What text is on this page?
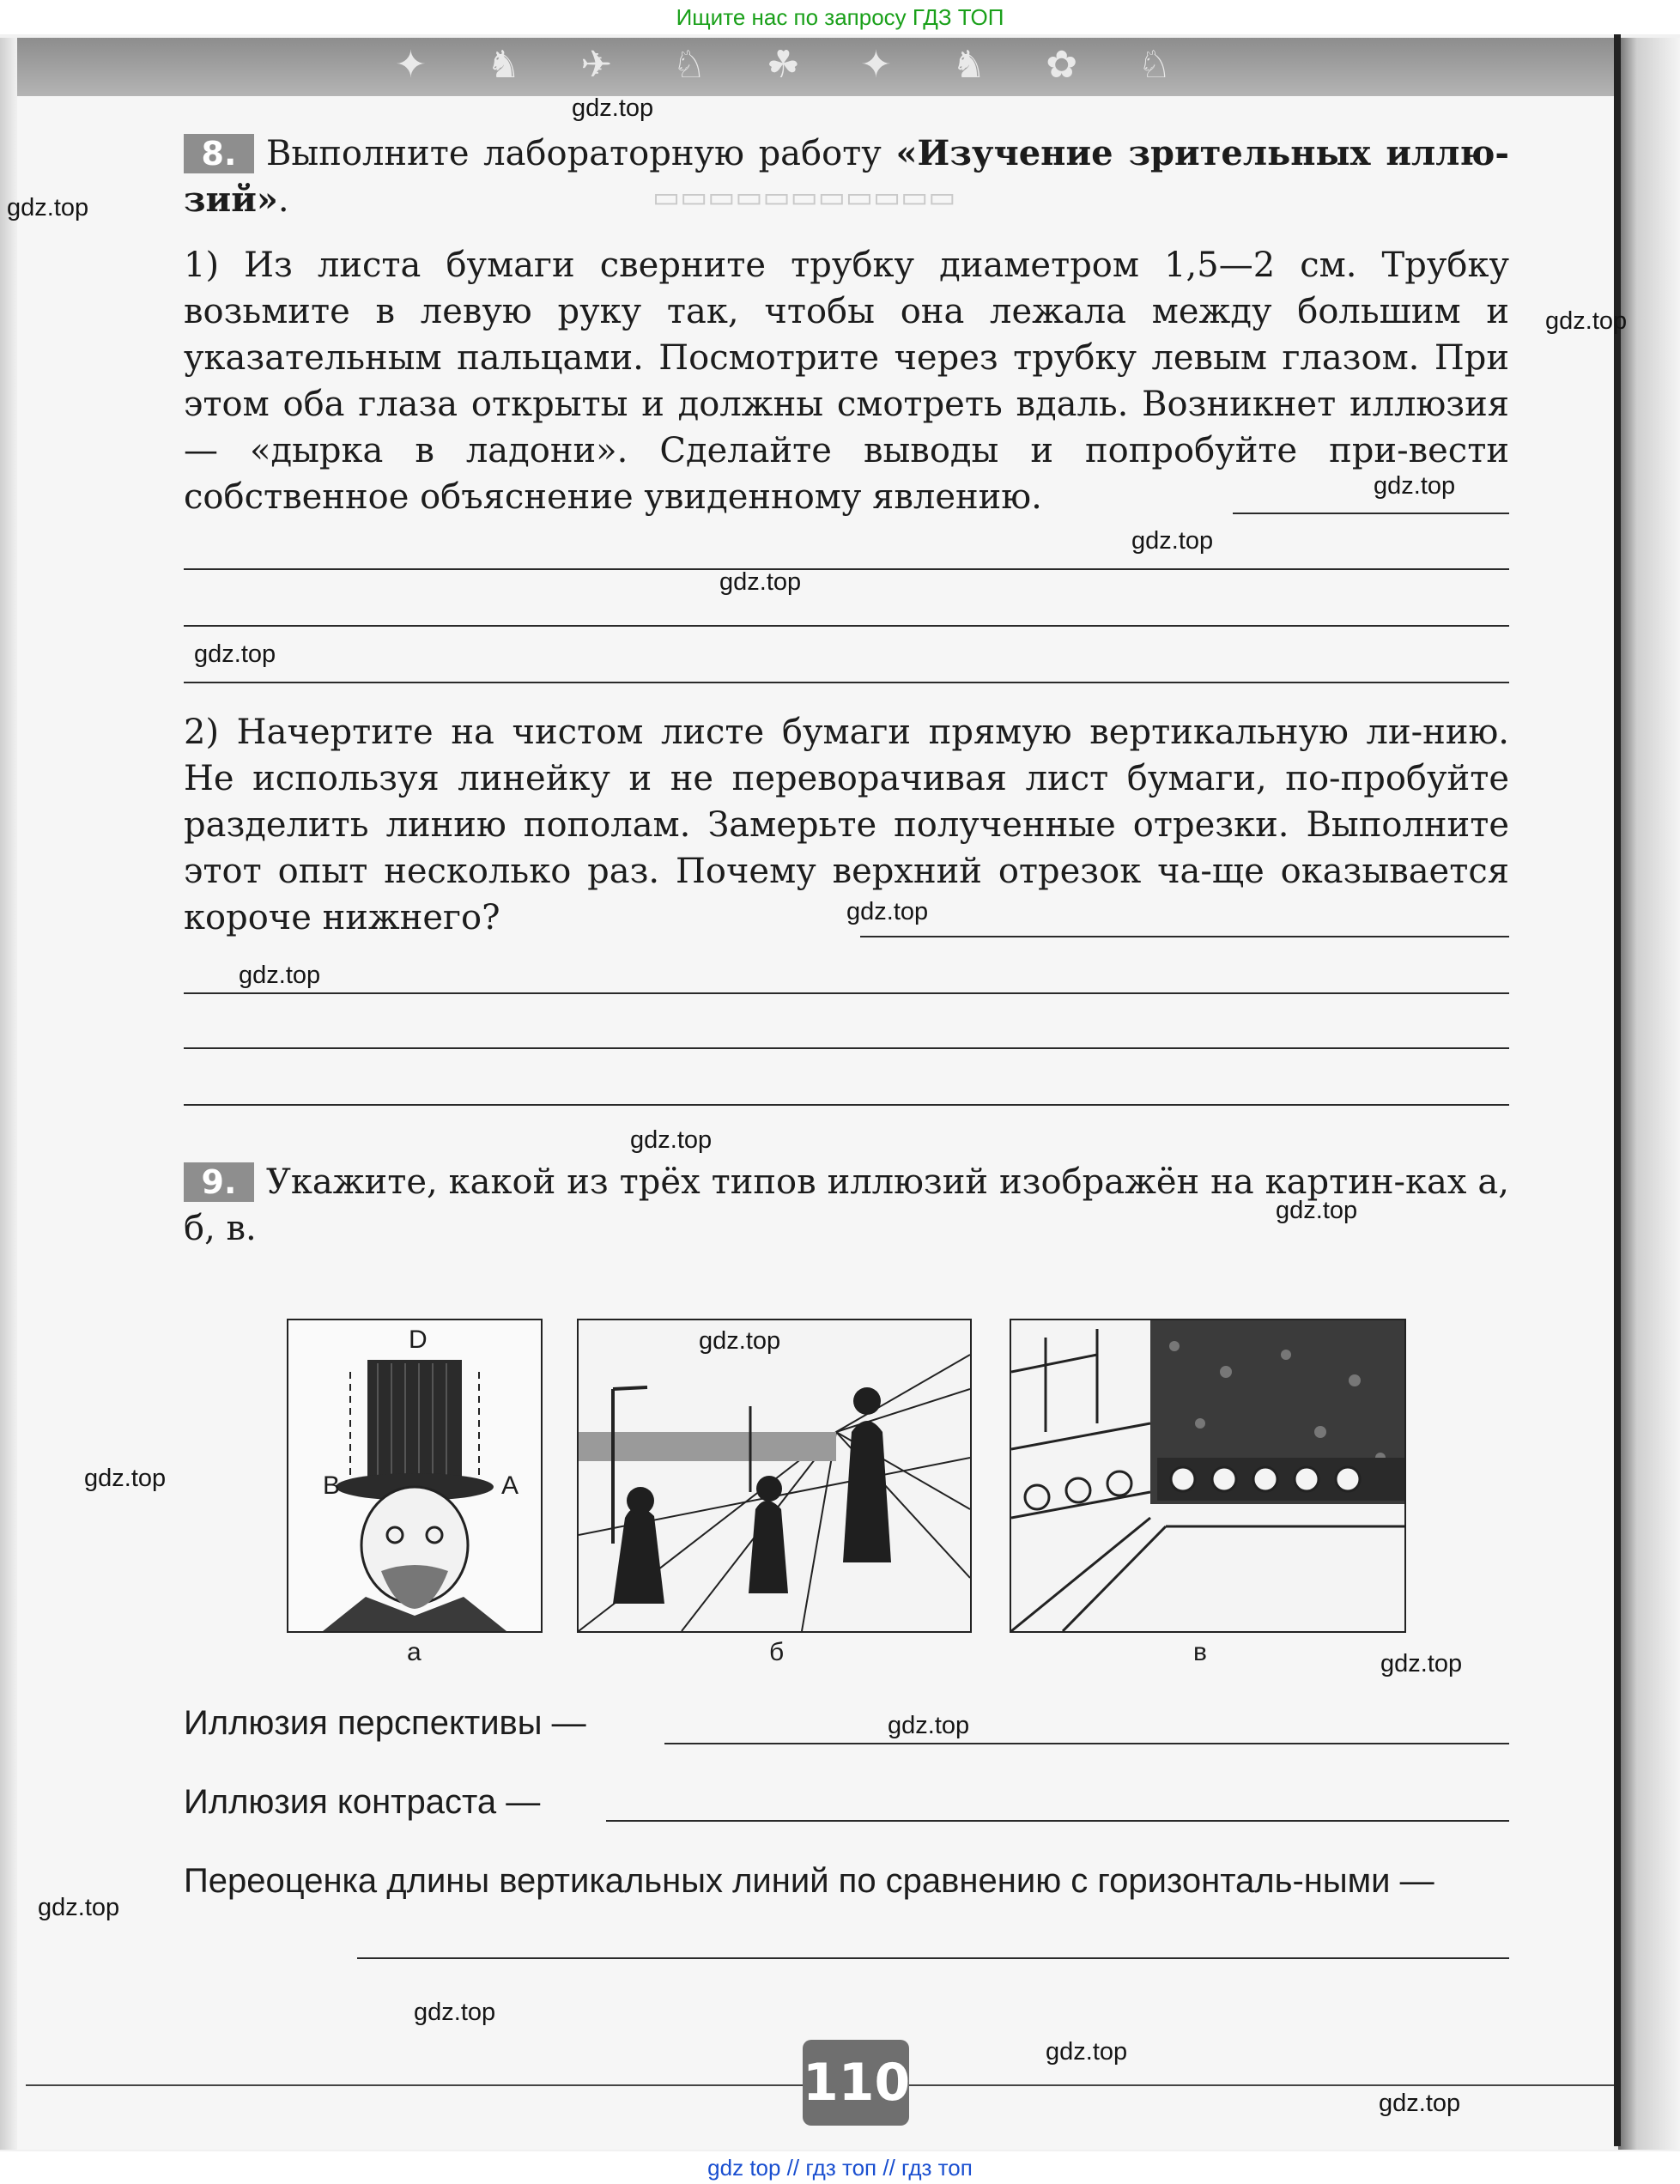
Ищите нас по запросу ГДЗ ТОП
✦ ♞ ✈ ♘ ☘ ✦ ♞ ✿ ♘
▭▭▭▭▭▭▭▭▭▭▭
8. Выполните лабораторную работу «Изучение зрительных иллю-зий».
1) Из листа бумаги сверните трубку диаметром 1,5—2 см. Трубку возьмите в левую руку так, чтобы она лежала между большим и указательным пальцами. Посмотрите через трубку левым глазом. При этом оба глаза открыты и должны смотреть вдаль. Возникнет иллюзия — «дырка в ладони». Сделайте выводы и попробуйте при-вести собственное объяснение увиденному явлению.
2) Начертите на чистом листе бумаги прямую вертикальную ли-нию. Не используя линейку и не переворачивая лист бумаги, по-пробуйте разделить линию пополам. Замерьте полученные отрезки. Выполните этот опыт несколько раз. Почему верхний отрезок ча-ще оказывается короче нижнего?
9. Укажите, какой из трёх типов иллюзий изображён на картин-ках а, б, в.
D
B	A
а	б	в
Иллюзия перспективы —
Иллюзия контраста —
Переоценка длины вертикальных линий по сравнению с горизонталь-ными —
110
gdz.top
gdz.top
gdz.top
gdz.top
gdz.top
gdz.top
gdz.top
gdz.top
gdz.top
gdz.top
gdz.top
gdz.top
gdz.top
gdz.top
gdz.top
gdz.top
gdz.top
gdz.top
gdz.top
gdz top // гдз топ // гдз топ
